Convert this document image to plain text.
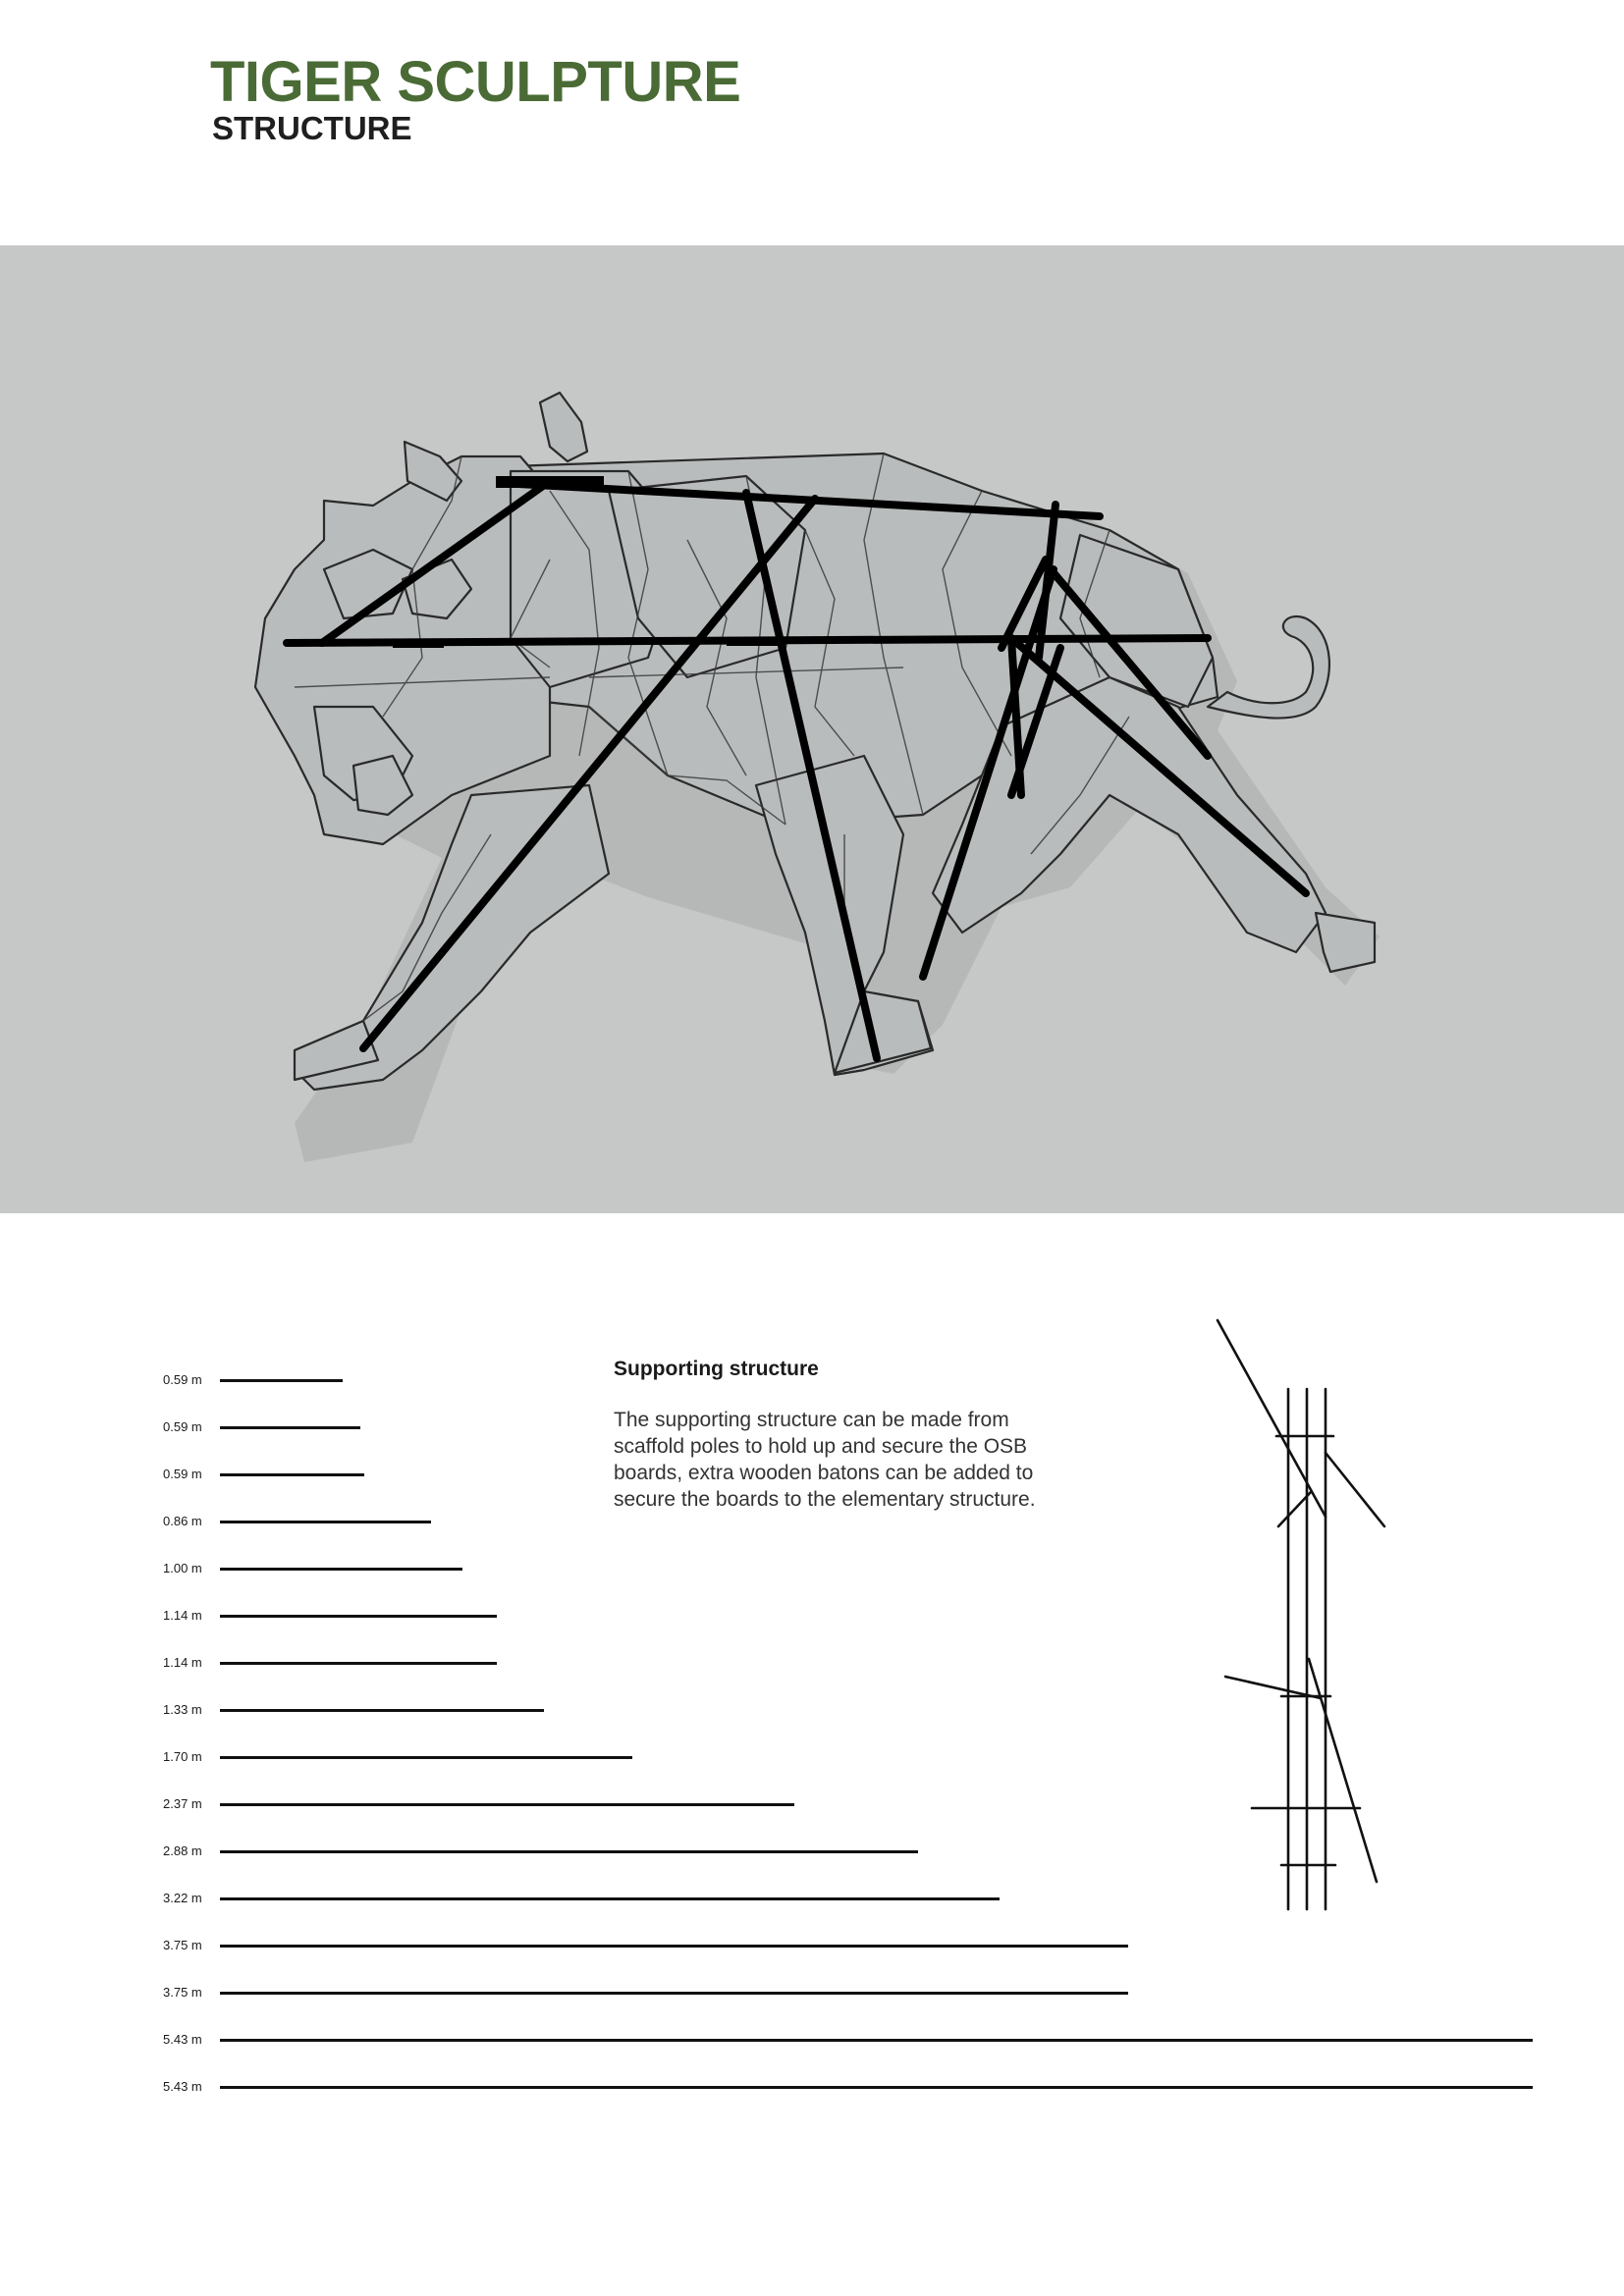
TIGER SCULPTURE
STRUCTURE
0.59 m
0.59 m
0.59 m
0.86 m
1.00 m
1.14 m
1.14 m
1.33 m
1.70 m
2.37 m
2.88 m
3.22 m
3.75 m
3.75 m
5.43 m
5.43 m
Supporting structure

The supporting structure can be made from scaffold poles to hold up and secure the OSB boards, extra wooden batons can be added to secure the boards to the elementary structure.
